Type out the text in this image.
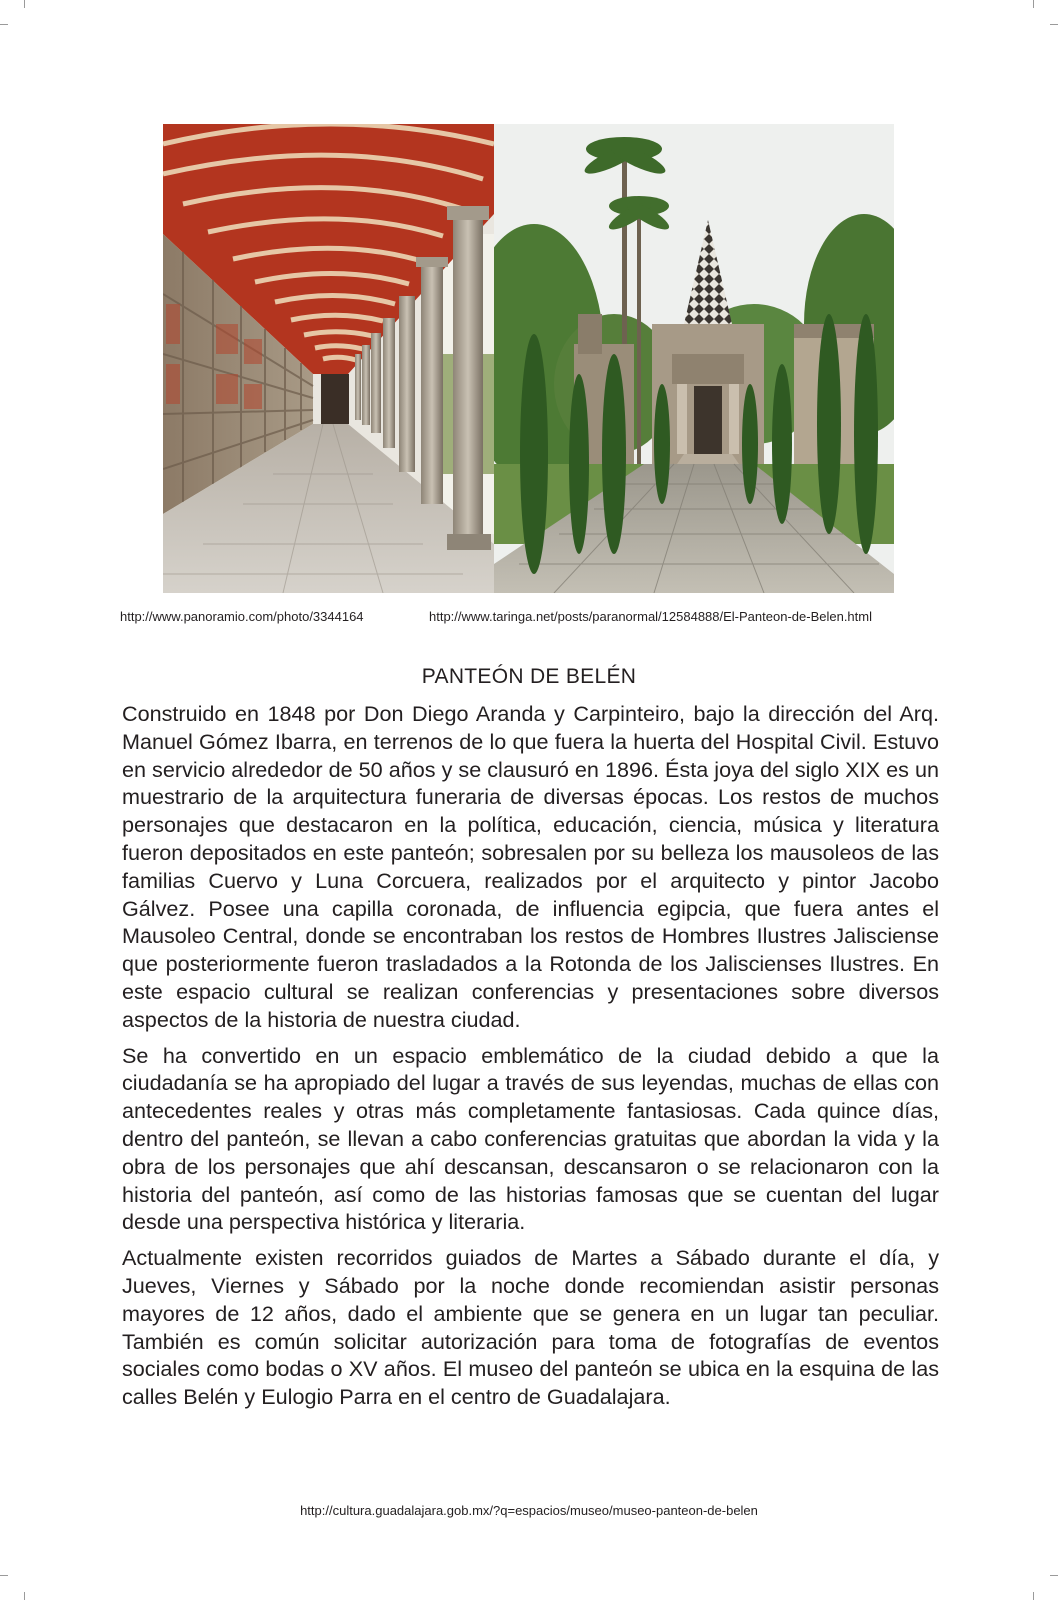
http://www.panoramio.com/photo/3344164	http://www.taringa.net/posts/paranormal/12584888/El-Panteon-de-Belen.html
PANTEÓN DE BELÉN

Construido en 1848 por Don Diego Aranda y Carpinteiro, bajo la dirección del Arq. Manuel Gómez Ibarra, en terrenos de lo que fuera la huerta del Hospital Civil. Estuvo en servicio alrededor de 50 años y se clausuró en 1896. Ésta joya del siglo XIX es un muestrario de la arquitectura funeraria de diversas épocas. Los restos de muchos personajes que destacaron en la política, educación, ciencia, música y literatura fueron depositados en este panteón; sobresalen por su belleza los mausoleos de las familias Cuervo y Luna Corcuera, realizados por el arquitecto y pintor Jacobo Gálvez. Posee una capilla coronada, de influencia egipcia, que fuera antes el Mausoleo Central, donde se encontraban los restos de Hombres Ilustres Jalisciense que posteriormente fueron trasladados a la Rotonda de los Jaliscienses Ilustres. En este espacio cultural se realizan conferencias y presentaciones sobre diversos aspectos de la historia de nuestra ciudad.

Se ha convertido en un espacio emblemático de la ciudad debido a que la ciudadanía se ha apropiado del lugar a través de sus leyendas, muchas de ellas con antecedentes reales y otras más completamente fantasiosas. Cada quince días, dentro del panteón, se llevan a cabo conferencias gratuitas que abordan la vida y la obra de los personajes que ahí descansan, descansaron o se relacionaron con la historia del panteón, así como de las historias famosas que se cuentan del lugar desde una perspectiva histórica y literaria.

Actualmente existen recorridos guiados de Martes a Sábado durante el día, y Jueves, Viernes y Sábado por la noche donde recomiendan asistir personas mayores de 12 años, dado el ambiente que se genera en un lugar tan peculiar. También es común solicitar autorización para toma de fotografías de eventos sociales como bodas o XV años. El museo del panteón se ubica en la esquina de las calles Belén y Eulogio Parra en el centro de Guadalajara.

http://cultura.guadalajara.gob.mx/?q=espacios/museo/museo-panteon-de-belen
